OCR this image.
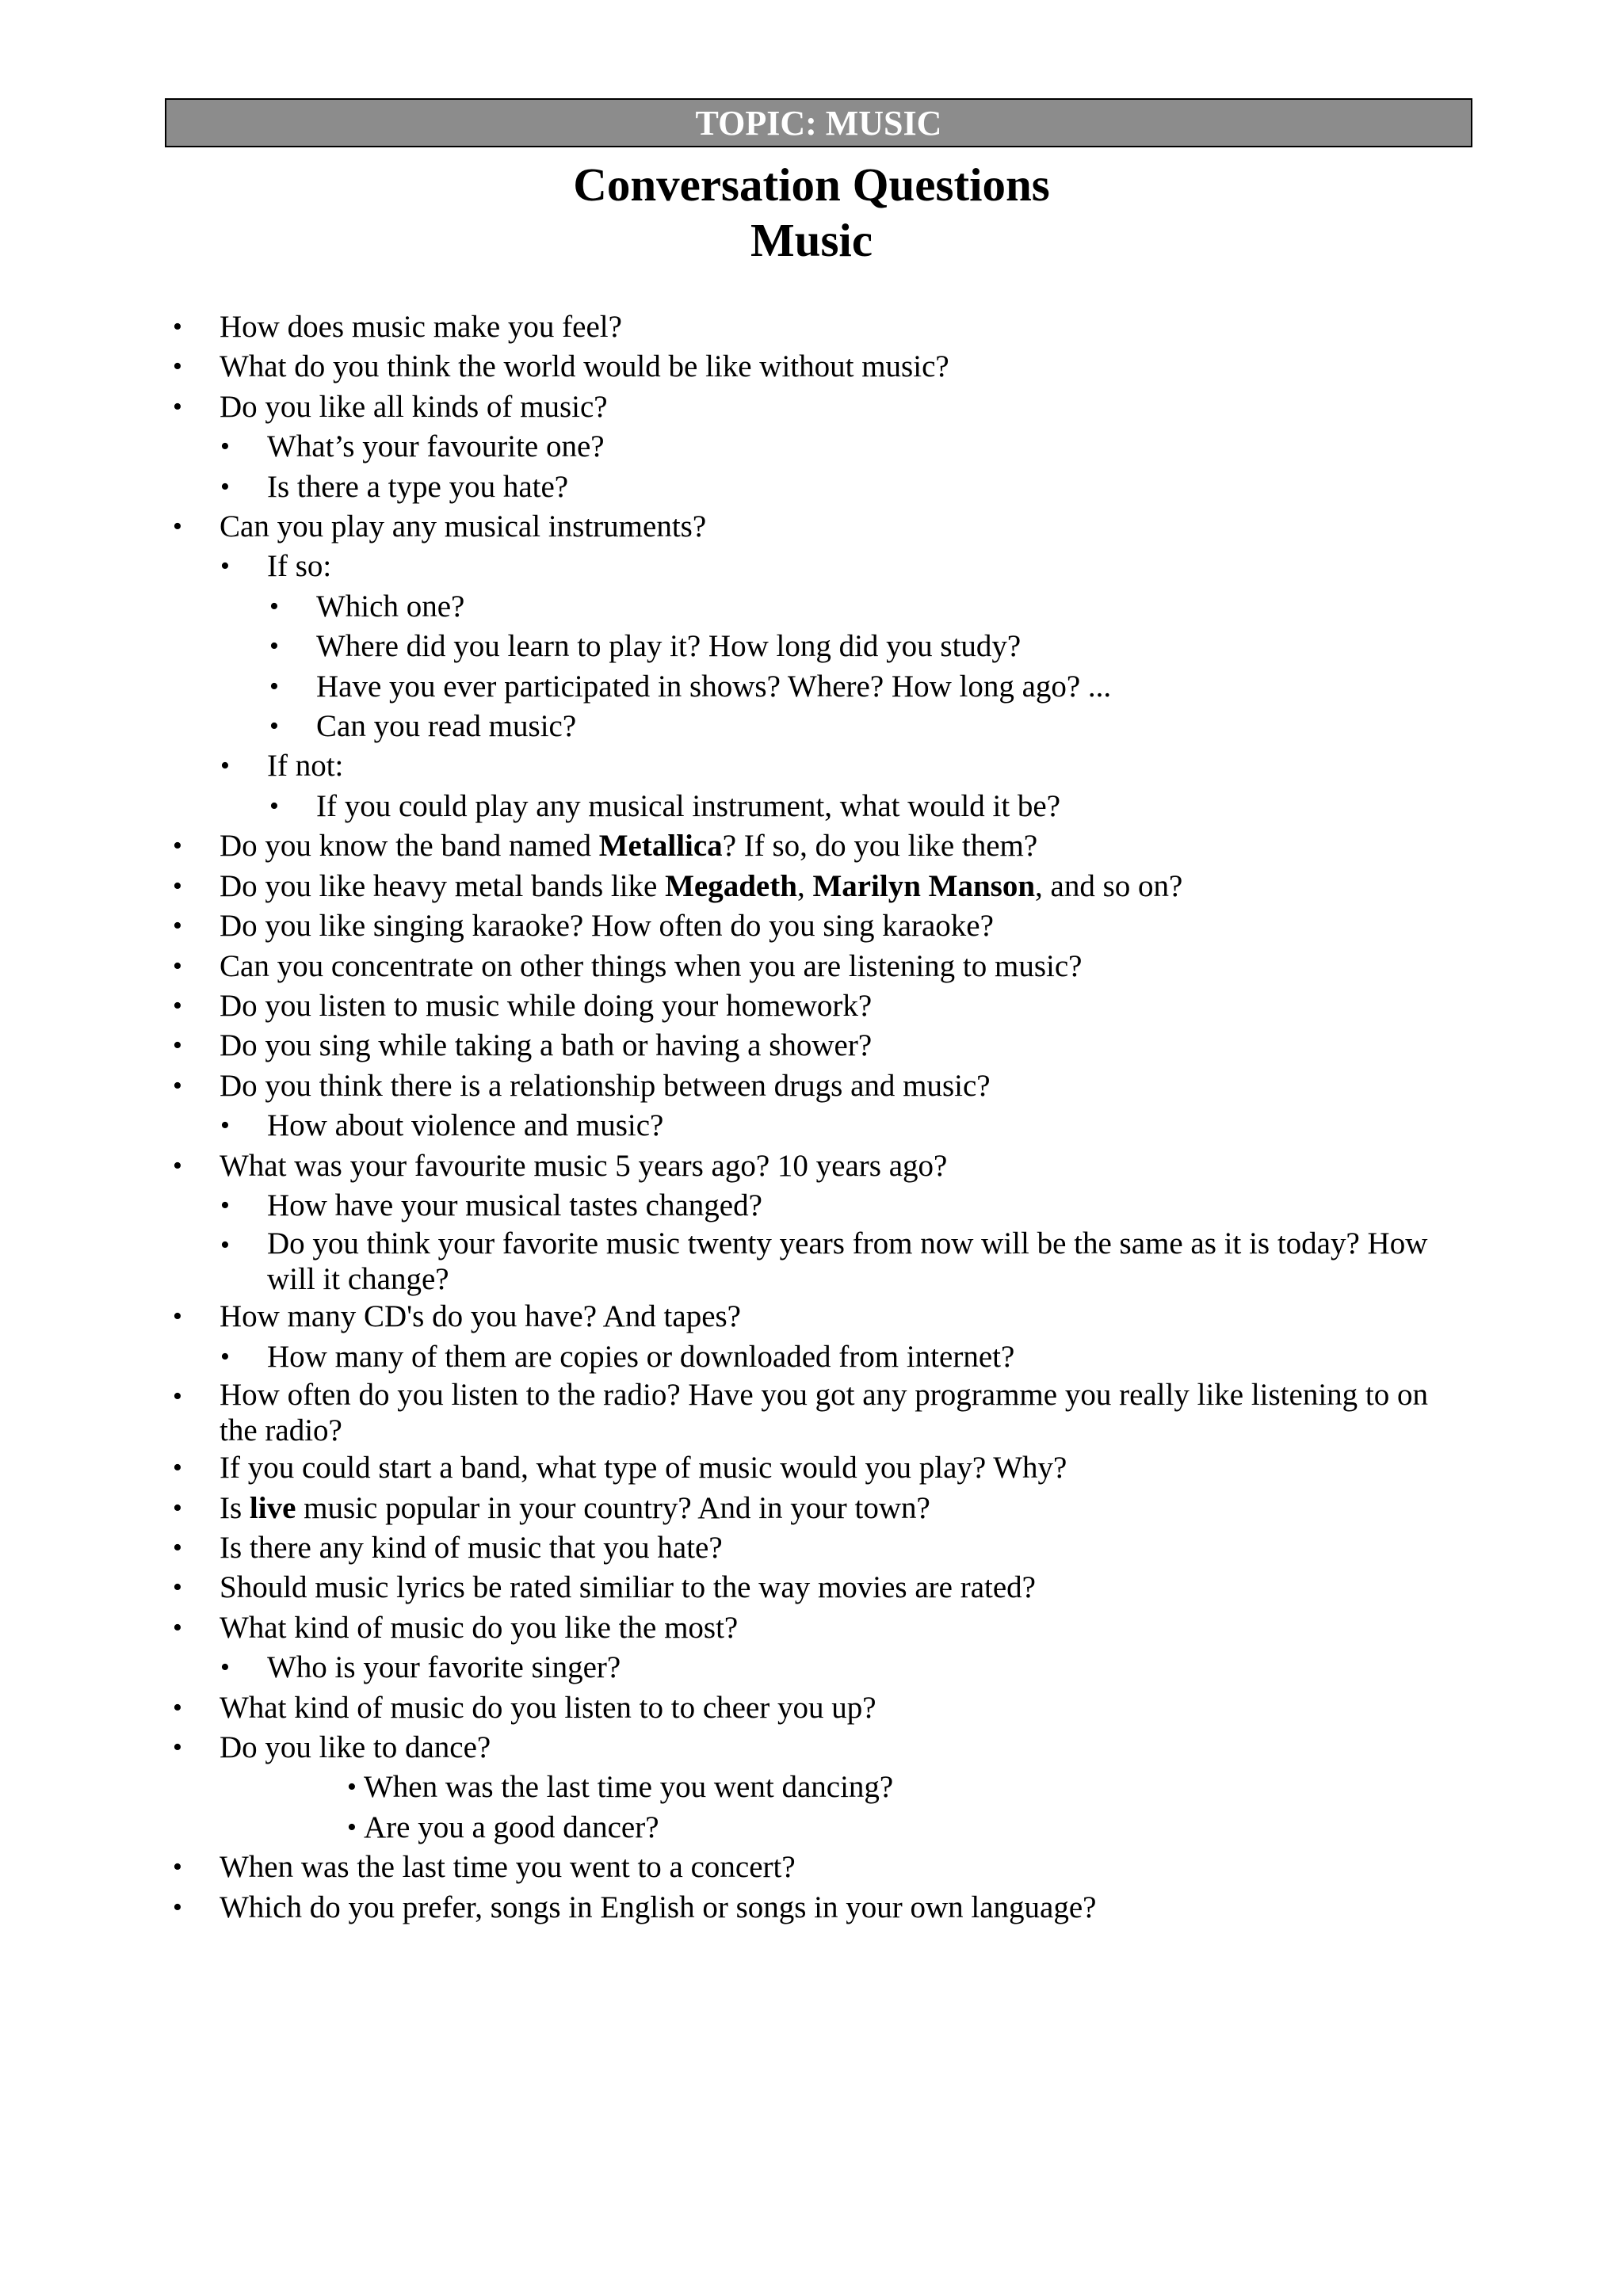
TOPIC: MUSIC
Conversation Questions
Music
• How does music make you feel?
• What do you think the world would be like without music?
• Do you like all kinds of music?
• What’s your favourite one?
• Is there a type you hate?
• Can you play any musical instruments?
• If so:
• Which one?
• Where did you learn to play it? How long did you study?
• Have you ever participated in shows? Where? How long ago? ...
• Can you read music?
• If not:
• If you could play any musical instrument, what would it be?
• Do you know the band named Metallica? If so, do you like them?
• Do you like heavy metal bands like Megadeth, Marilyn Manson, and so on?
• Do you like singing karaoke? How often do you sing karaoke?
• Can you concentrate on other things when you are listening to music?
• Do you listen to music while doing your homework?
• Do you sing while taking a bath or having a shower?
• Do you think there is a relationship between drugs and music?
• How about violence and music?
• What was your favourite music 5 years ago? 10 years ago?
• How have your musical tastes changed?
• Do you think your favorite music twenty years from now will be the same as it is today? How will it change?
• How many CD's do you have? And tapes?
• How many of them are copies or downloaded from internet?
• How often do you listen to the radio? Have you got any programme you really like listening to on the radio?
• If you could start a band, what type of music would you play? Why?
• Is live music popular in your country? And in your town?
• Is there any kind of music that you hate?
• Should music lyrics be rated similiar to the way movies are rated?
• What kind of music do you like the most?
• Who is your favorite singer?
• What kind of music do you listen to to cheer you up?
• Do you like to dance?
• When was the last time you went dancing?
• Are you a good dancer?
• When was the last time you went to a concert?
• Which do you prefer, songs in English or songs in your own language?
